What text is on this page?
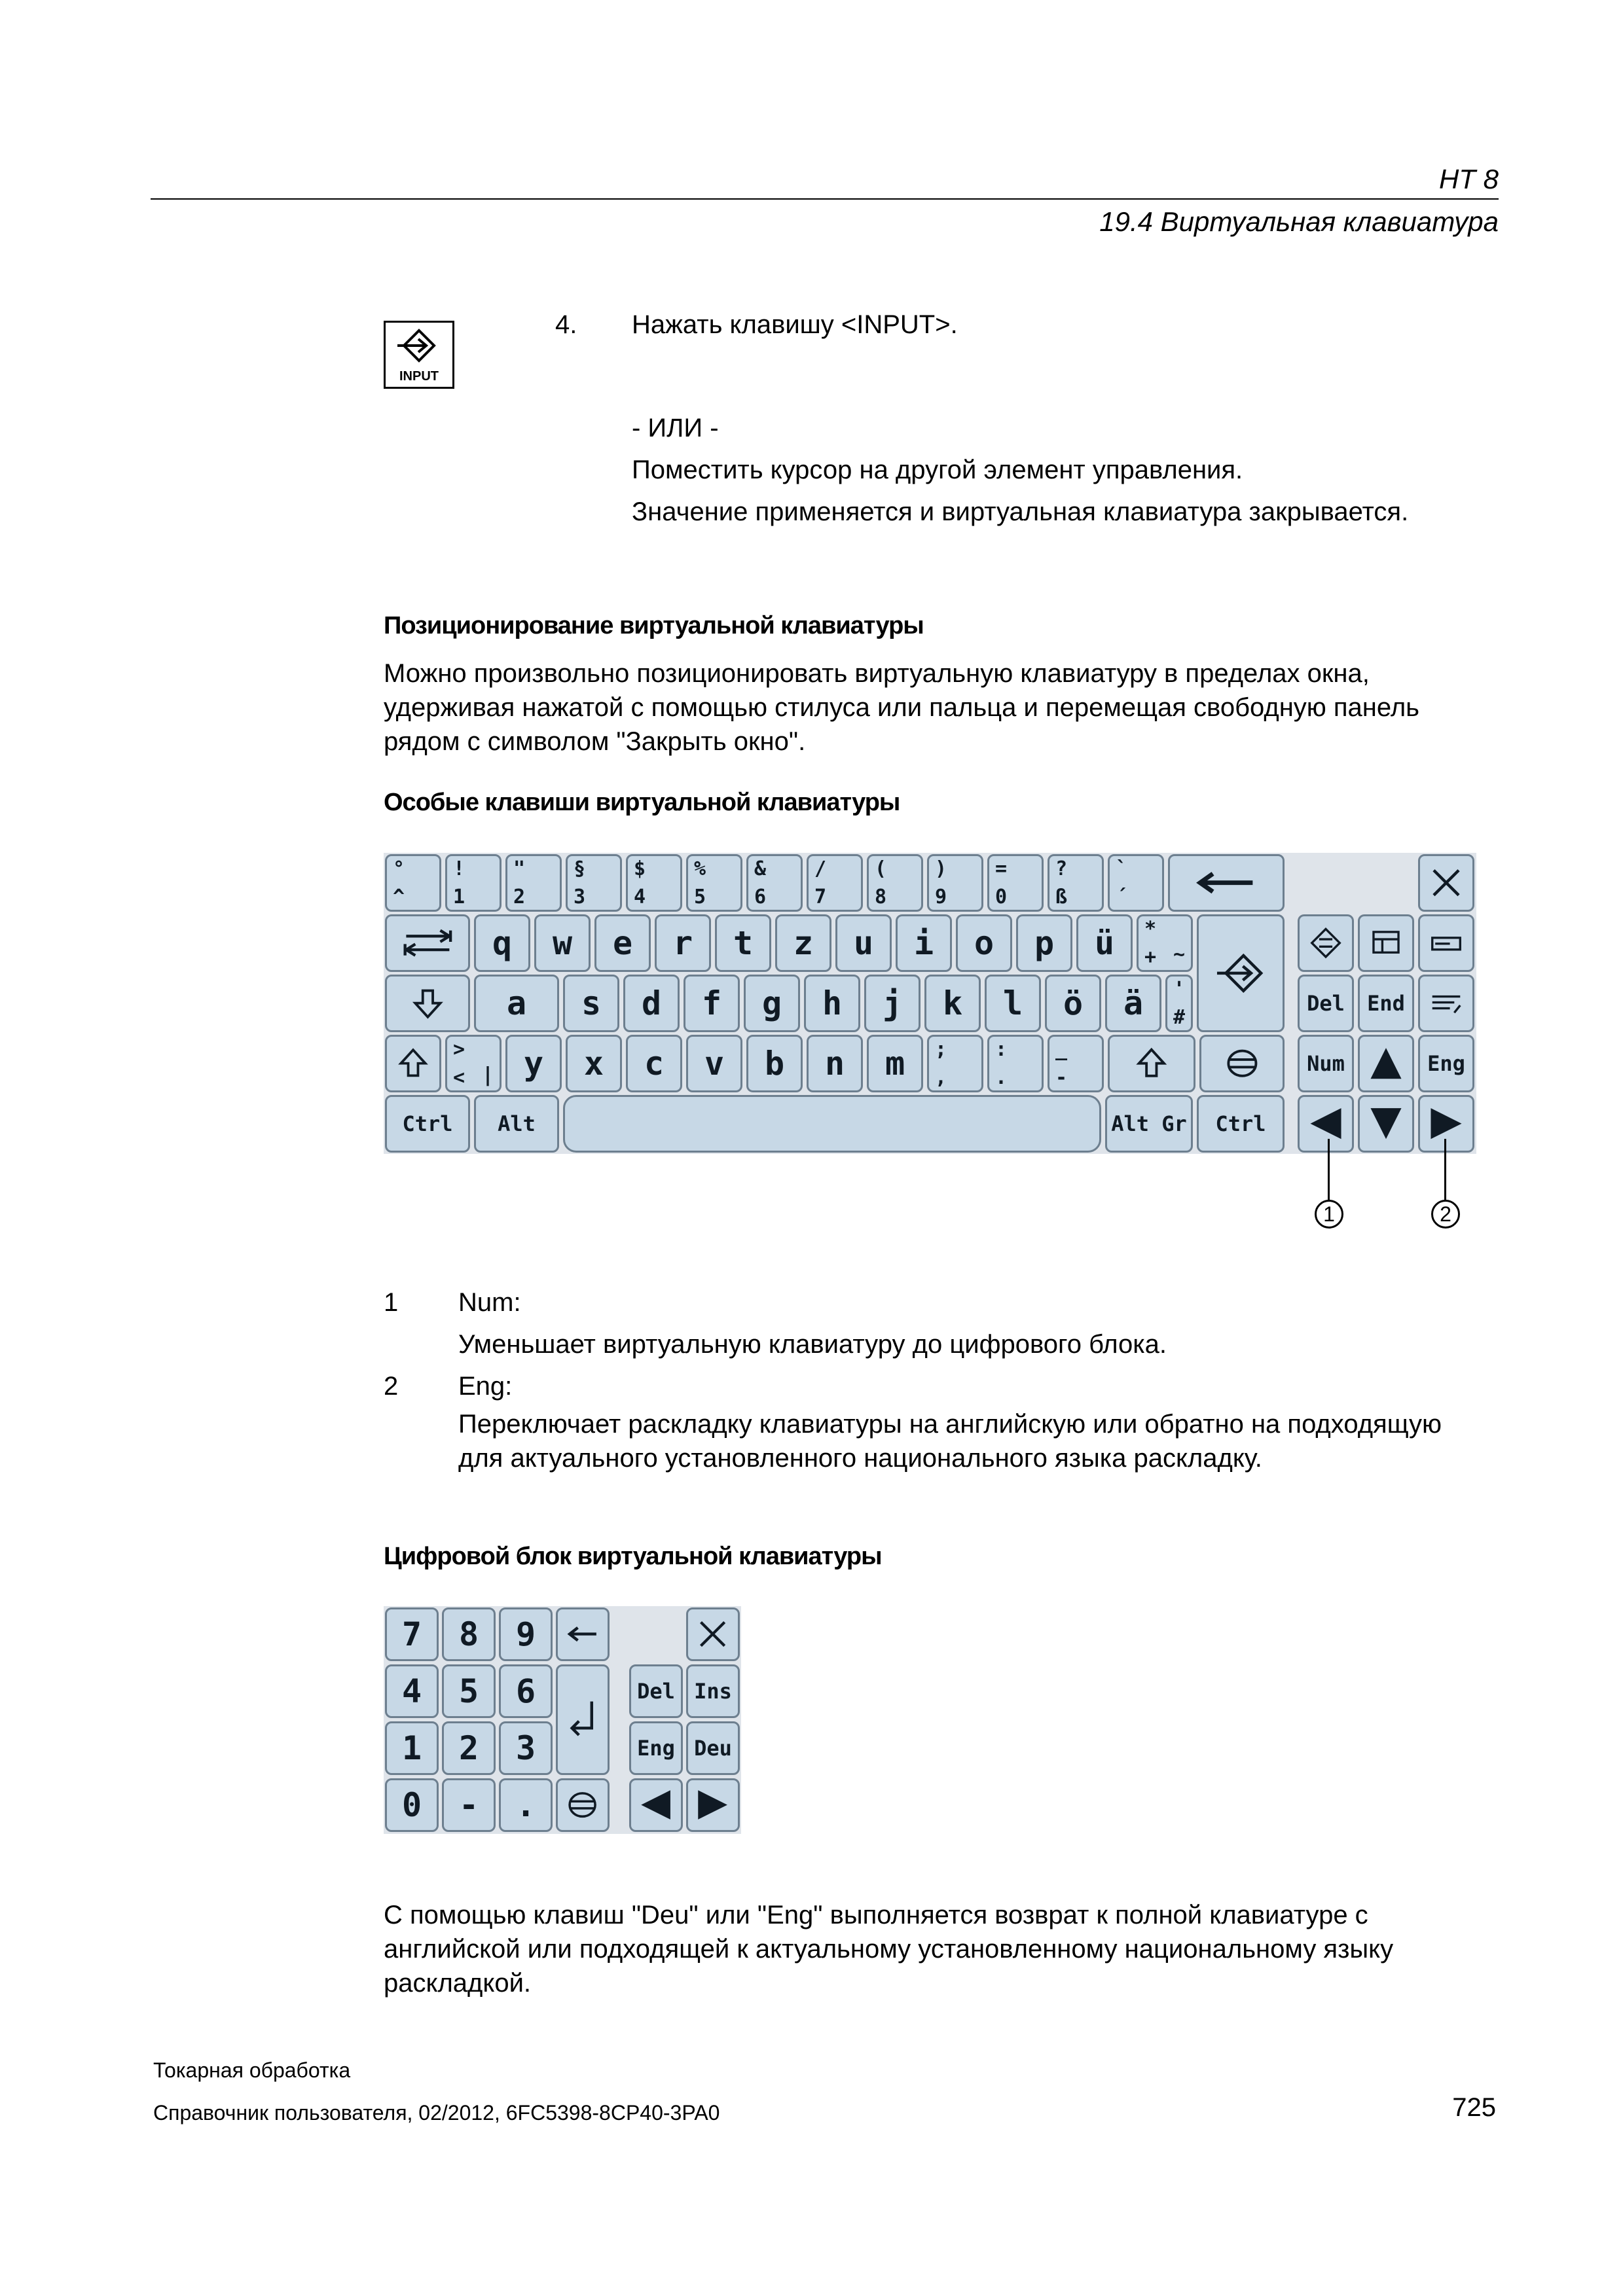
HT 8
19.4 Виртуальная клавиатура
INPUT
4. Нажать клавишу <INPUT>.
- ИЛИ -
Поместить курсор на другой элемент управления.
Значение применяется и виртуальная клавиатура закрывается.
Позиционирование виртуальной клавиатуры
Можно произвольно позиционировать виртуальную клавиатуру в пределах окна,
удерживая нажатой с помощью стилуса или пальца и перемещая свободную панель
рядом с символом "Закрыть окно".
Особые клавиши виртуальной клавиатуры
°
^
!
1
"
2
§
3
$
4
%
5
&
6
/
7
(
8
)
9
=
0
?
ß
`
´
q	w	e	r	t	z	u	i	o	p	ü	*
+ ~
a	s	d	f	g	h	j	k	l	ö	ä	'
#
Del	End
>
< | y	x	c	v	b	n	m	;
,
:
.
_
-
Num	Eng
Ctrl	Alt	Alt Gr	Ctrl
1	2
1 Num:
Уменьшает виртуальную клавиатуру до цифрового блока.
2 Eng:
Переключает раскладку клавиатуры на английскую или обратно на подходящую
для актуального установленного национального языка раскладку.
Цифровой блок виртуальной клавиатуры
7	8	9
4	5	6	Del Ins
1	2	3	Eng Deu
0	-	.
С помощью клавиш "Deu" или "Eng" выполняется возврат к полной клавиатуре с
английской или подходящей к актуальному установленному национальному языку
раскладкой.
Токарная обработка
Справочник пользователя, 02/2012, 6FC5398-8CP40-3PA0	725
